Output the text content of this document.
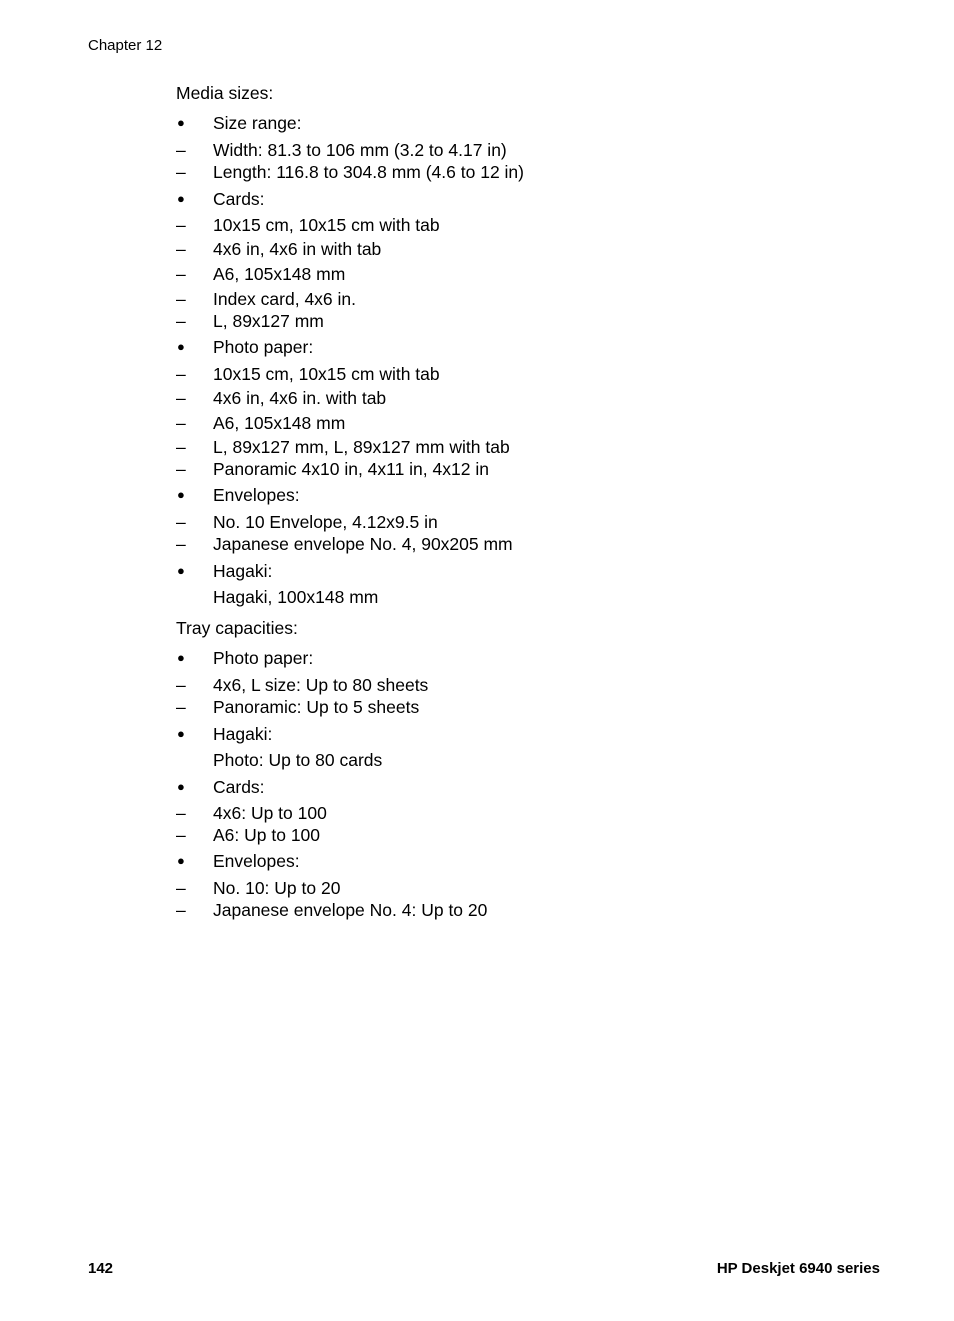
Chapter 12

Media sizes:

● Size range:
– Width: 81.3 to 106 mm (3.2 to 4.17 in)
– Length: 116.8 to 304.8 mm (4.6 to 12 in)
● Cards:
– 10x15 cm, 10x15 cm with tab
– 4x6 in, 4x6 in with tab
– A6, 105x148 mm
– Index card, 4x6 in.
– L, 89x127 mm
● Photo paper:
– 10x15 cm, 10x15 cm with tab
– 4x6 in, 4x6 in. with tab
– A6, 105x148 mm
– L, 89x127 mm, L, 89x127 mm with tab
– Panoramic 4x10 in, 4x11 in, 4x12 in
● Envelopes:
– No. 10 Envelope, 4.12x9.5 in
– Japanese envelope No. 4, 90x205 mm
● Hagaki:
Hagaki, 100x148 mm

Tray capacities:

● Photo paper:
– 4x6, L size: Up to 80 sheets
– Panoramic: Up to 5 sheets
● Hagaki:
Photo: Up to 80 cards
● Cards:
– 4x6: Up to 100
– A6: Up to 100
● Envelopes:
– No. 10: Up to 20
– Japanese envelope No. 4: Up to 20
142	HP Deskjet 6940 series
